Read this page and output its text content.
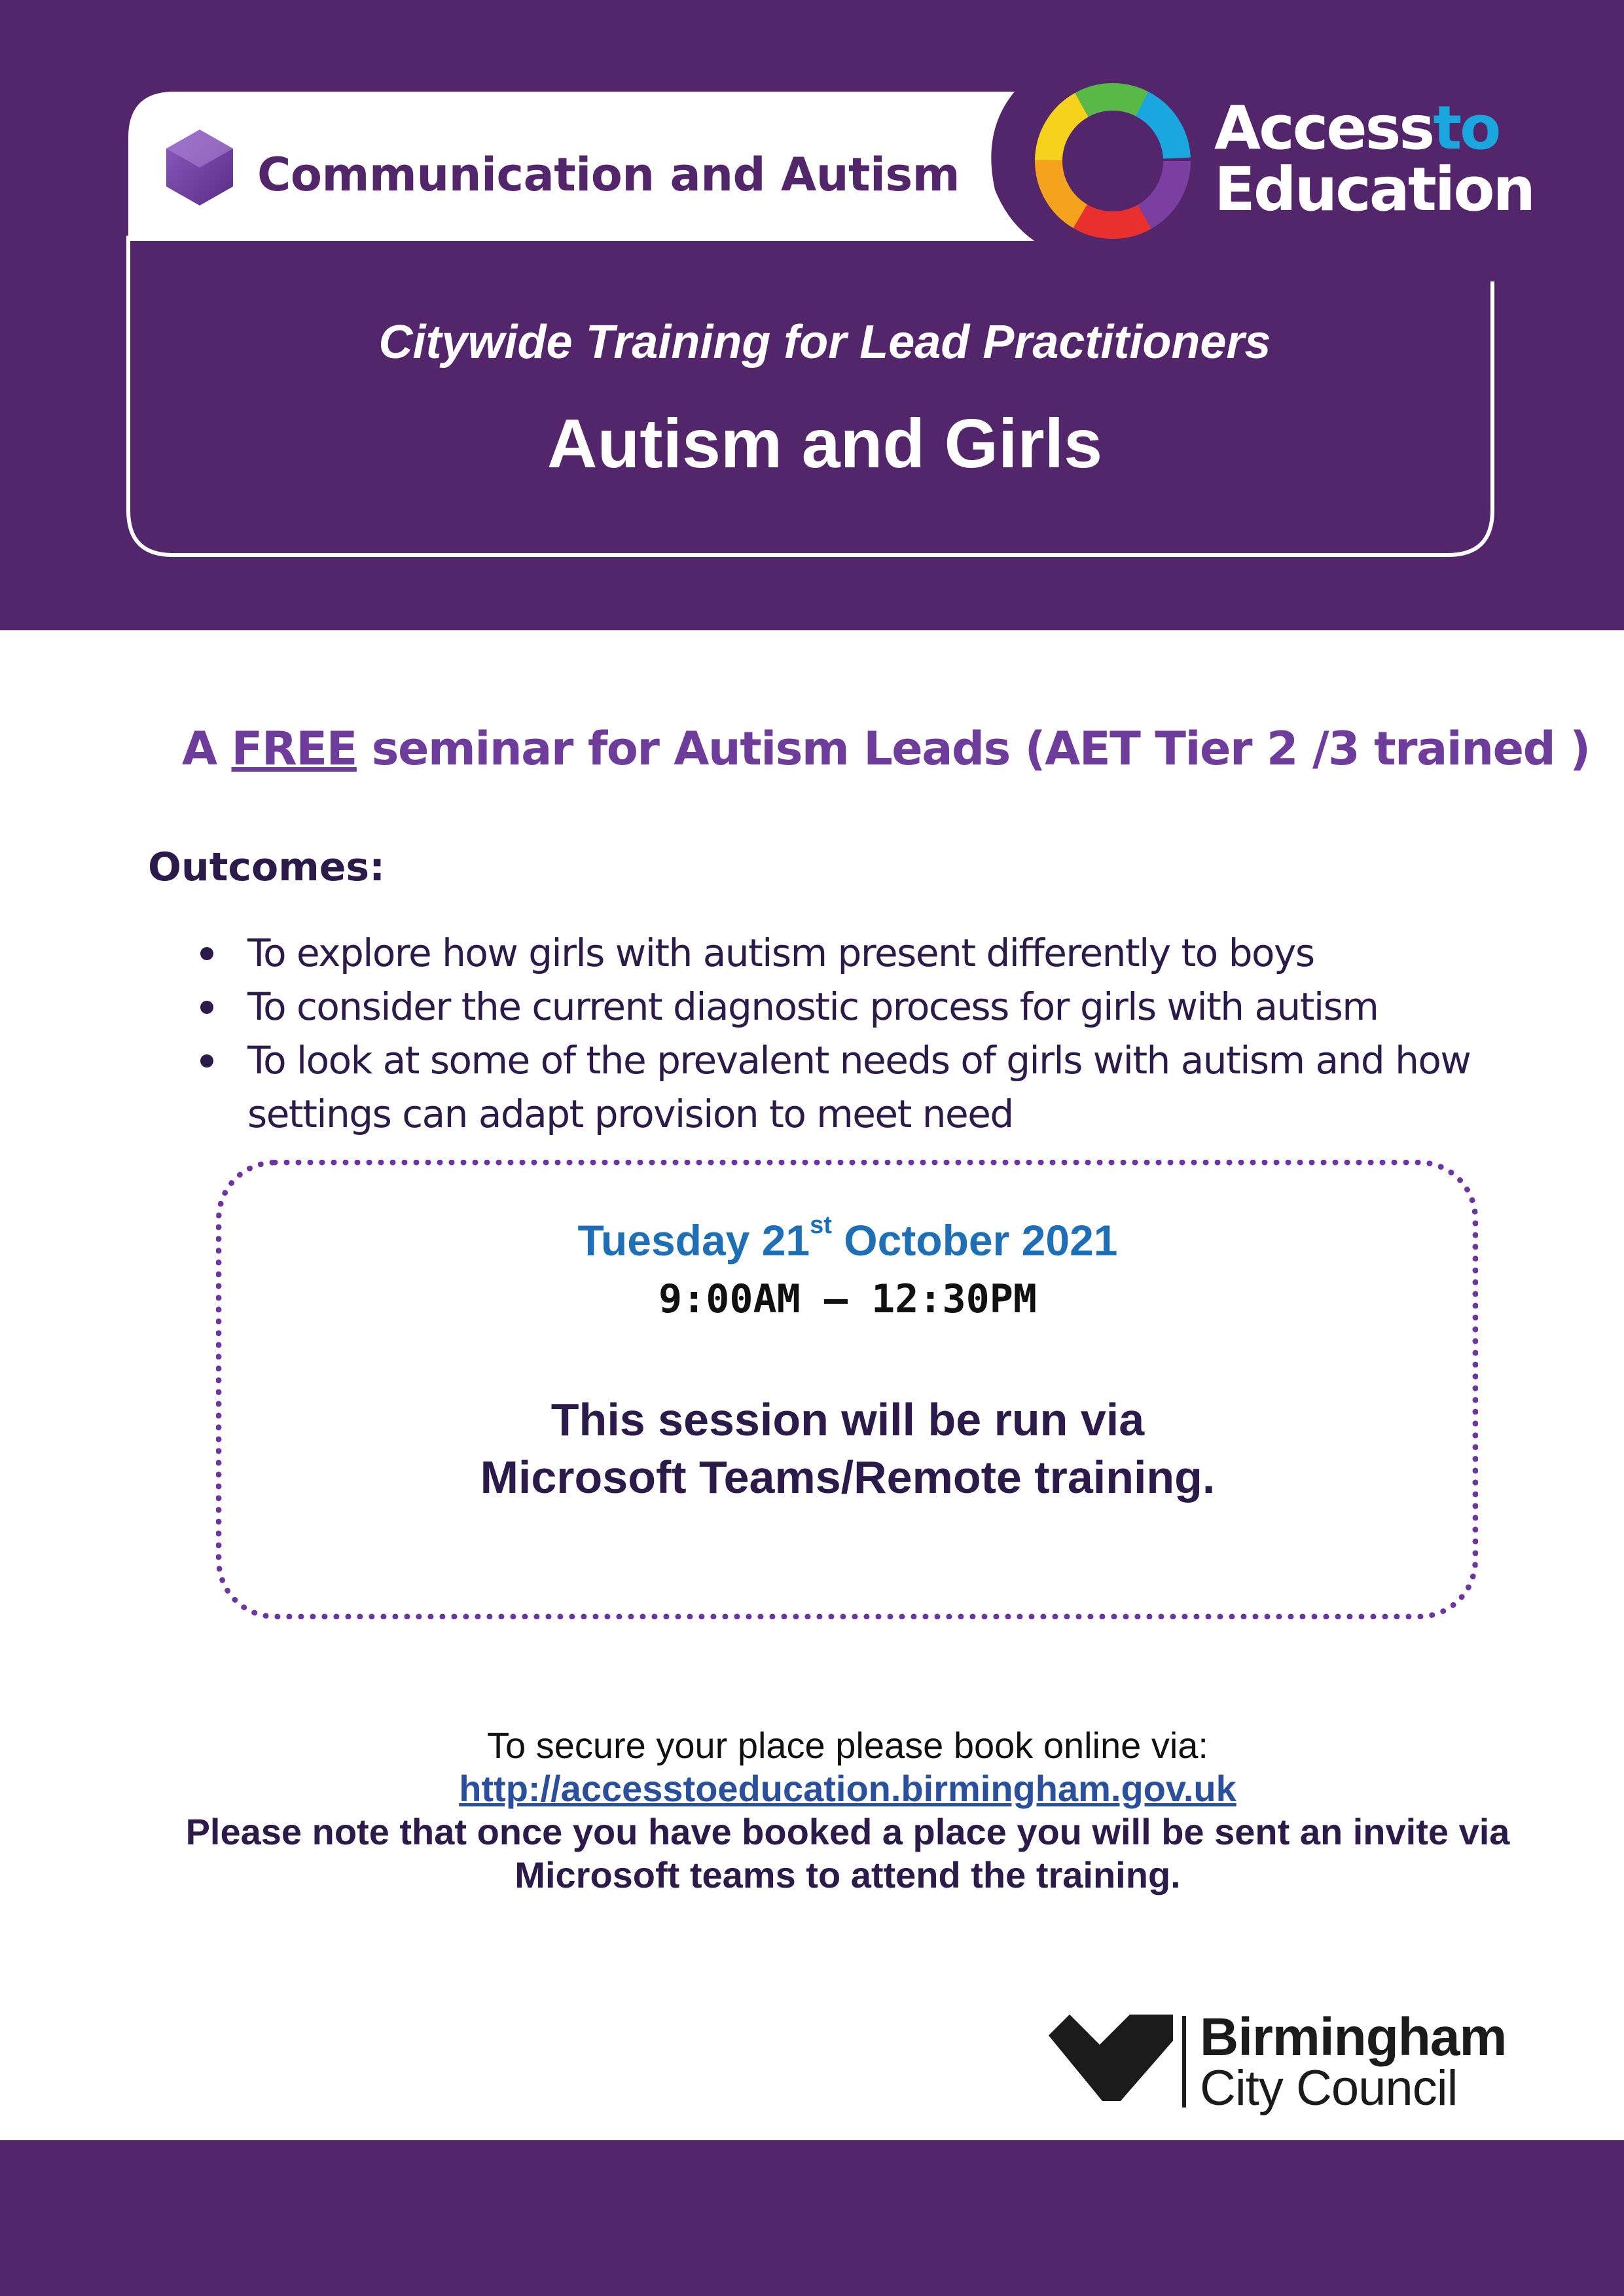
Communication and Autism
Accessto
Education
Citywide Training for Lead Practitioners
Autism and Girls
A FREE seminar for Autism Leads (AET Tier 2 /3 trained )
Outcomes:
To explore how girls with autism present differently to boys
To consider the current diagnostic process for girls with autism
To look at some of the prevalent needs of girls with autism and how settings can adapt provision to meet need
Tuesday 21st October 2021
9:00AM – 12:30PM
This session will be run via
Microsoft Teams/Remote training.
To secure your place please book online via:
http://accesstoeducation.birmingham.gov.uk
Please note that once you have booked a place you will be sent an invite via
Microsoft teams to attend the training.
Birmingham
City Council
